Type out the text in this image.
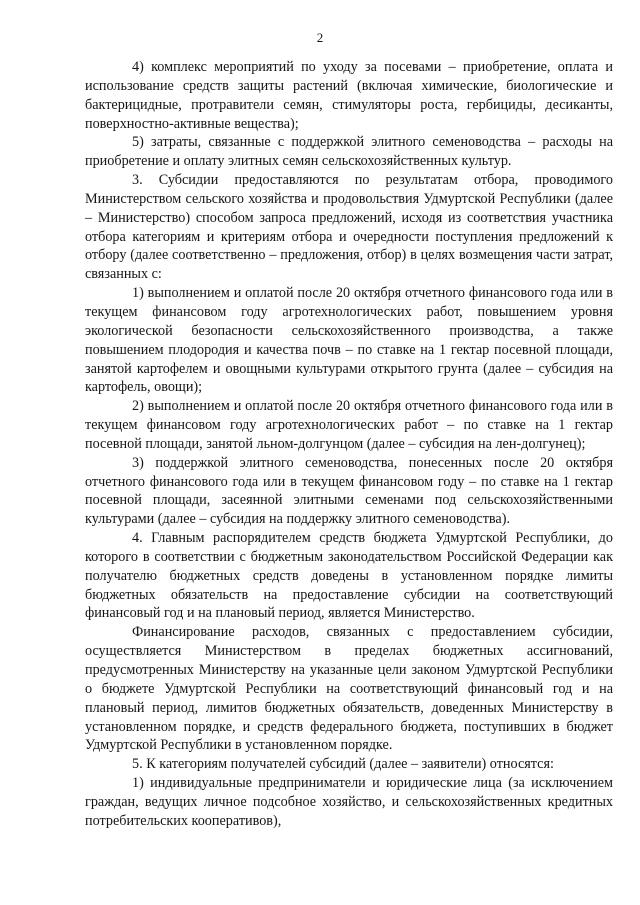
2

4) комплекс мероприятий по уходу за посевами – приобретение, оплата и использование средств защиты растений (включая химические, биологические и бактерицидные, протравители семян, стимуляторы роста, гербициды, десиканты, поверхностно-активные вещества);

5) затраты, связанные с поддержкой элитного семеноводства – расходы на приобретение и оплату элитных семян сельскохозяйственных культур.

3. Субсидии предоставляются по результатам отбора, проводимого Министерством сельского хозяйства и продовольствия Удмуртской Республики (далее – Министерство) способом запроса предложений, исходя из соответствия участника отбора категориям и критериям отбора и очередности поступления предложений к отбору (далее соответственно – предложения, отбор) в целях возмещения части затрат, связанных с:

1) выполнением и оплатой после 20 октября отчетного финансового года или в текущем финансовом году агротехнологических работ, повышением уровня экологической безопасности сельскохозяйственного производства, а также повышением плодородия и качества почв – по ставке на 1 гектар посевной площади, занятой картофелем и овощными культурами открытого грунта (далее – субсидия на картофель, овощи);

2) выполнением и оплатой после 20 октября отчетного финансового года или в текущем финансовом году агротехнологических работ – по ставке на 1 гектар посевной площади, занятой льном-долгунцом (далее – субсидия на лен-долгунец);

3) поддержкой элитного семеноводства, понесенных после 20 октября отчетного финансового года или в текущем финансовом году – по ставке на 1 гектар посевной площади, засеянной элитными семенами под сельскохозяйственными культурами (далее – субсидия на поддержку элитного семеноводства).

4. Главным распорядителем средств бюджета Удмуртской Республики, до которого в соответствии с бюджетным законодательством Российской Федерации как получателю бюджетных средств доведены в установленном порядке лимиты бюджетных обязательств на предоставление субсидии на соответствующий финансовый год и на плановый период, является Министерство.

Финансирование расходов, связанных с предоставлением субсидии, осуществляется Министерством в пределах бюджетных ассигнований, предусмотренных Министерству на указанные цели законом Удмуртской Республики о бюджете Удмуртской Республики на соответствующий финансовый год и на плановый период, лимитов бюджетных обязательств, доведенных Министерству в установленном порядке, и средств федерального бюджета, поступивших в бюджет Удмуртской Республики в установленном порядке.

5. К категориям получателей субсидий (далее – заявители) относятся:

1) индивидуальные предприниматели и юридические лица (за исключением граждан, ведущих личное подсобное хозяйство, и сельскохозяйственных кредитных потребительских кооперативов),
